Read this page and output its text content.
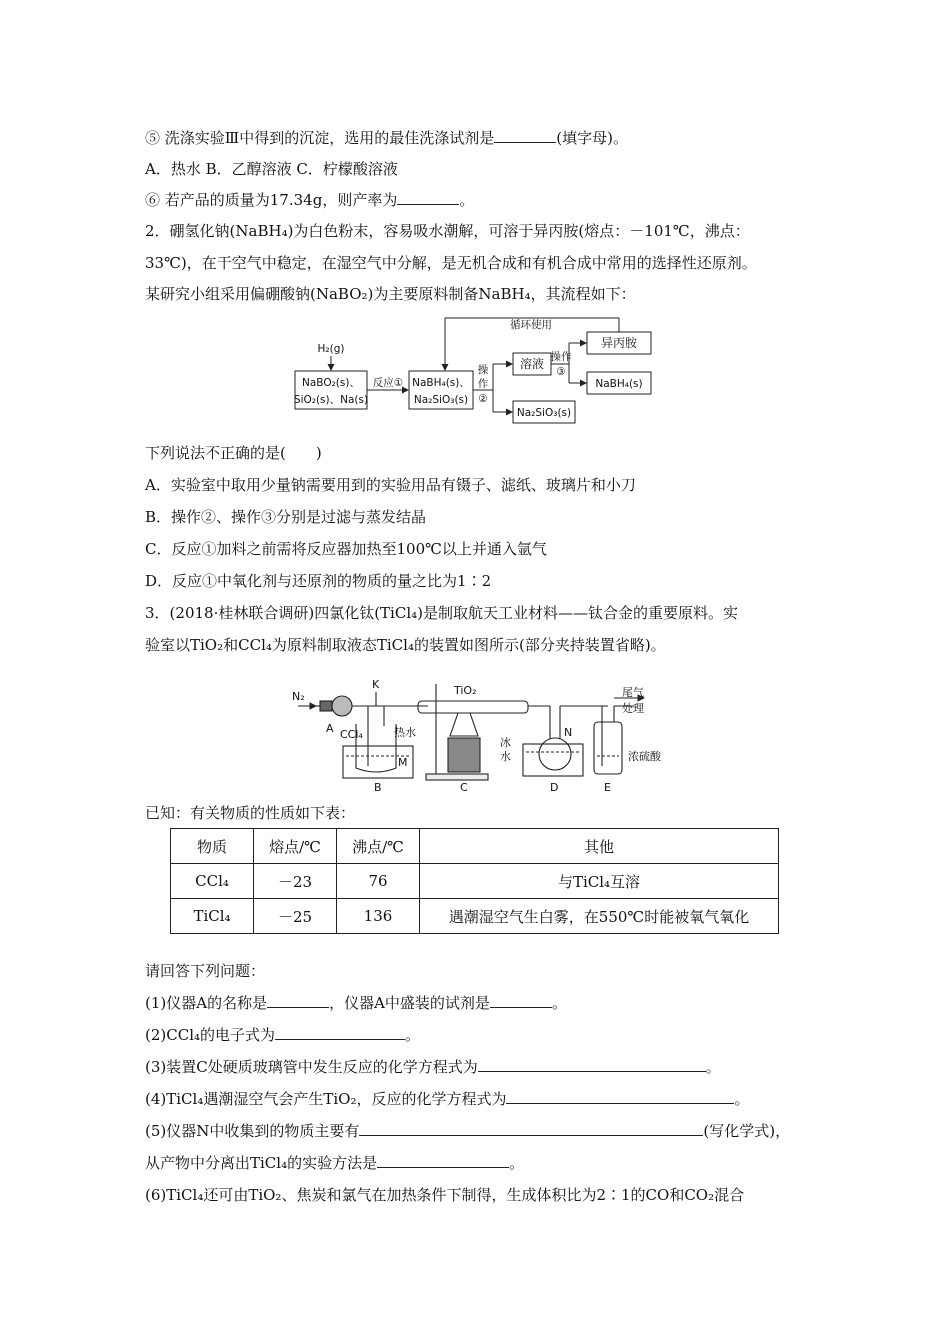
⑤ 洗涤实验Ⅲ中得到的沉淀，选用的最佳洗涤试剂是	(填字母)。
A．热水 B．乙醇溶液 C．柠檬酸溶液
⑥ 若产品的质量为17.34g，则产率为	。
2．硼氢化钠(NaBH₄)为白色粉末，容易吸水潮解，可溶于异丙胺(熔点：－101℃，沸点：
33℃)，在干空气中稳定，在湿空气中分解，是无机合成和有机合成中常用的选择性还原剂。
某研究小组采用偏硼酸钠(NaBO₂)为主要原料制备NaBH₄，其流程如下：
H₂(g)
循环使用
NaBO₂(s)、
SiO₂(s)、Na(s)
反应① NaBH₄(s)、
Na₂SiO₃(s)
操
作
②
溶液 操作
③
异丙胺
NaBH₄(s)
Na₂SiO₃(s)
下列说法不正确的是(　　)
A．实验室中取用少量钠需要用到的实验用品有镊子、滤纸、玻璃片和小刀
B．操作②、操作③分别是过滤与蒸发结晶
C．反应①加料之前需将反应器加热至100℃以上并通入氩气
D．反应①中氧化剂与还原剂的物质的量之比为1∶2
3．(2018·桂林联合调研)四氯化钛(TiCl₄)是制取航天工业材料——钛合金的重要原料。实
验室以TiO₂和CCl₄为原料制取液态TiCl₄的装置如图所示(部分夹持装置省略)。
N₂
K
A CCl₄	热水
M
TiO₂
N
冰
水
尾气
处理
浓硫酸
B	C	D	E
已知：有关物质的性质如下表：
物质	熔点/℃	沸点/℃	其他
CCl₄	－23	76	与TiCl₄互溶
TiCl₄	－25	136	遇潮湿空气生白雾，在550℃时能被氧气氧化
请回答下列问题：
(1)仪器A的名称是	，仪器A中盛装的试剂是	。
(2)CCl₄的电子式为	。
(3)装置C处硬质玻璃管中发生反应的化学方程式为	。
(4)TiCl₄遇潮湿空气会产生TiO₂，反应的化学方程式为	。
(5)仪器N中收集到的物质主要有	(写化学式)，
从产物中分离出TiCl₄的实验方法是	。
(6)TiCl₄还可由TiO₂、焦炭和氯气在加热条件下制得，生成体积比为2∶1的CO和CO₂混合
